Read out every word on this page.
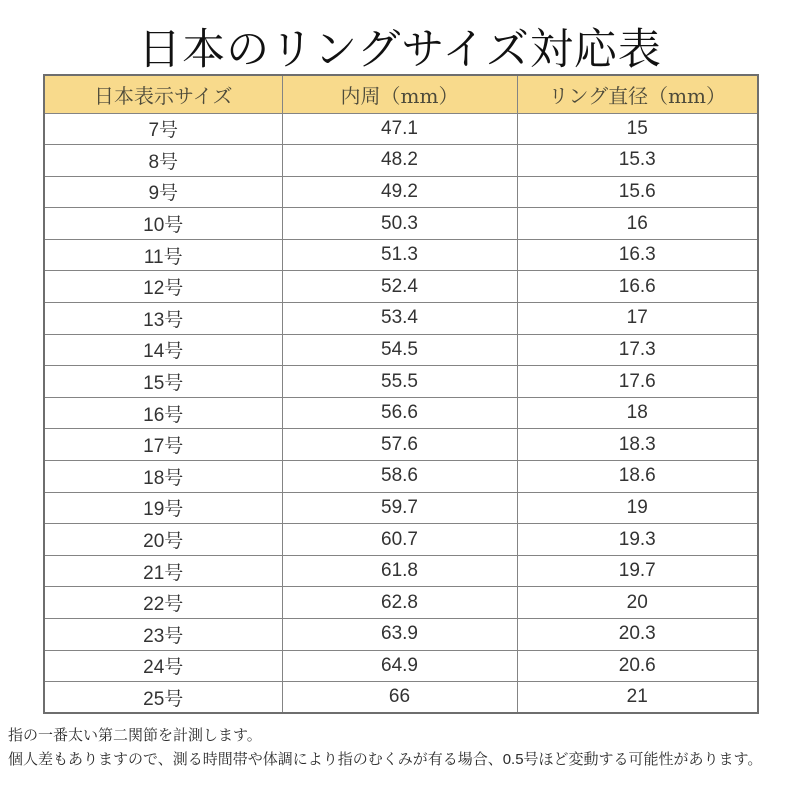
日本のリングサイズ対応表
日本表示サイズ	内周（mm）	リング直径（mm）
7号	47.1	15
8号	48.2	15.3
9号	49.2	15.6
10号	50.3	16
11号	51.3	16.3
12号	52.4	16.6
13号	53.4	17
14号	54.5	17.3
15号	55.5	17.6
16号	56.6	18
17号	57.6	18.3
18号	58.6	18.6
19号	59.7	19
20号	60.7	19.3
21号	61.8	19.7
22号	62.8	20
23号	63.9	20.3
24号	64.9	20.6
25号	66	21
指の一番太い第二関節を計測します。
個人差もありますので、測る時間帯や体調により指のむくみが有る場合、0.5号ほど変動する可能性があります。
